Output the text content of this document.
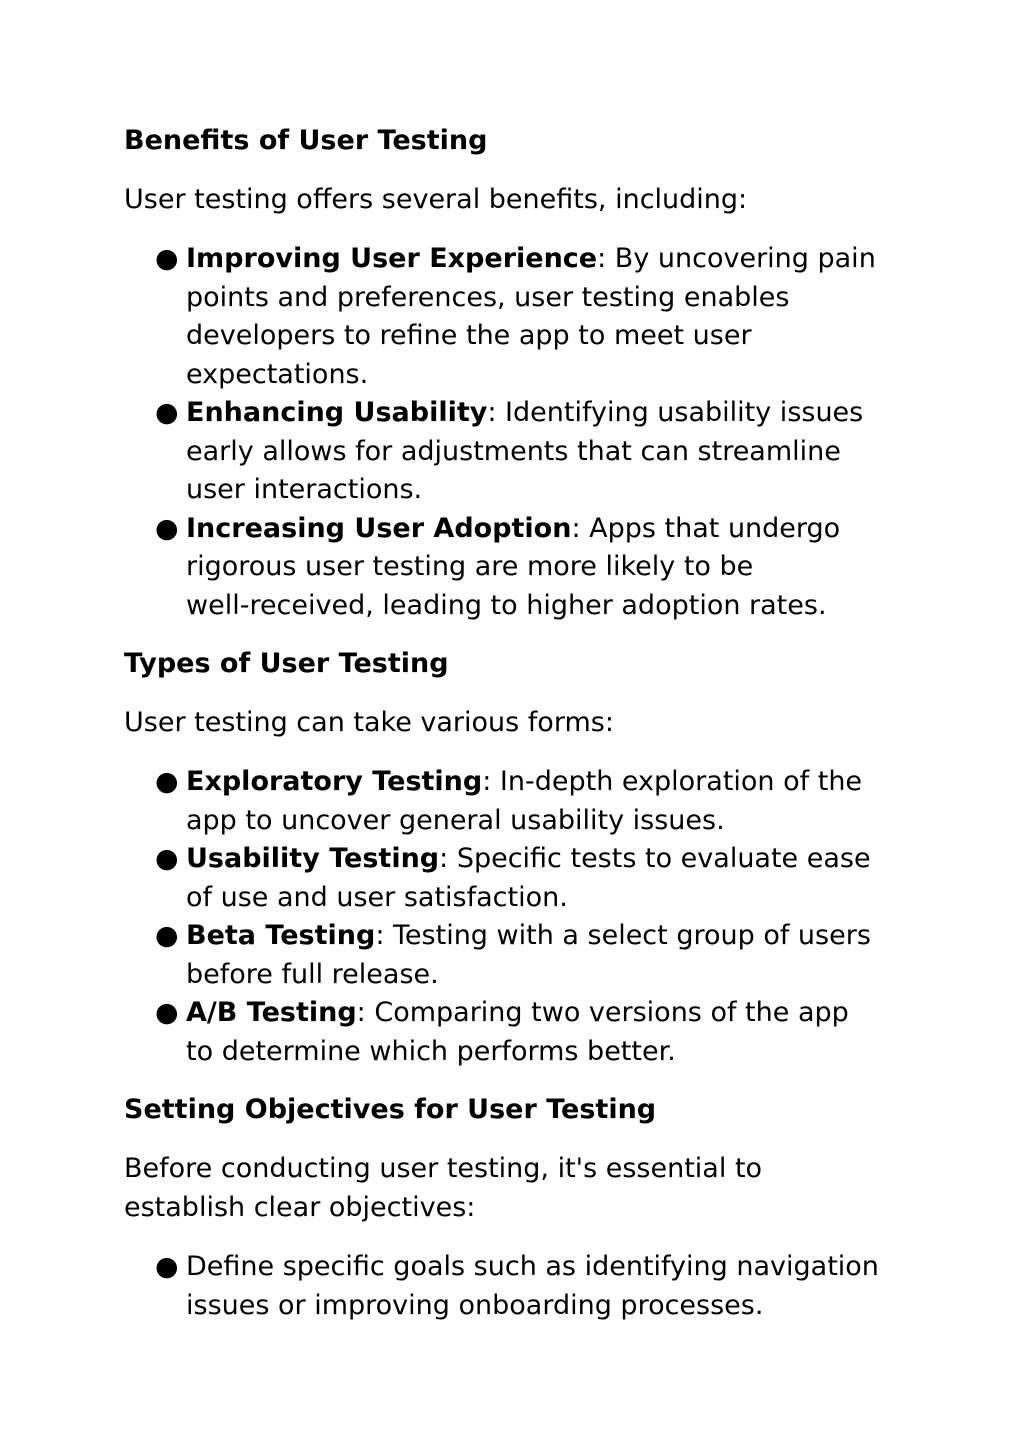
Benefits of User Testing

User testing offers several benefits, including:

● Improving User Experience: By uncovering pain
points and preferences, user testing enables
developers to refine the app to meet user
expectations.
● Enhancing Usability: Identifying usability issues
early allows for adjustments that can streamline
user interactions.
● Increasing User Adoption: Apps that undergo
rigorous user testing are more likely to be
well-received, leading to higher adoption rates.
Types of User Testing

User testing can take various forms:

● Exploratory Testing: In-depth exploration of the
app to uncover general usability issues.
● Usability Testing: Specific tests to evaluate ease
of use and user satisfaction.
● Beta Testing: Testing with a select group of users
before full release.
● A/B Testing: Comparing two versions of the app
to determine which performs better.
Setting Objectives for User Testing

Before conducting user testing, it's essential to
establish clear objectives:

● Define specific goals such as identifying navigation
issues or improving onboarding processes.
